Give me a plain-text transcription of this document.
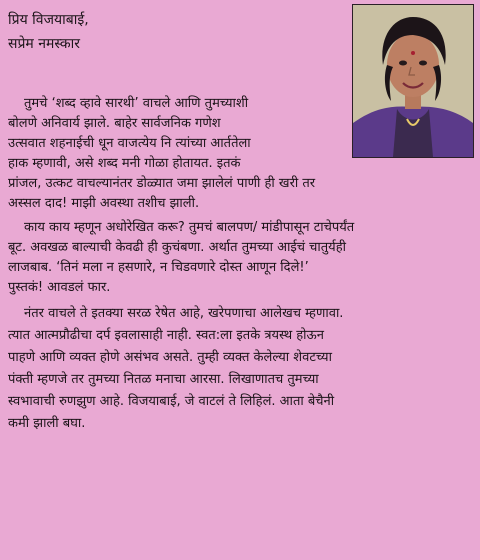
प्रिय विजयाबाई,
सप्रेम नमस्कार
तुमचे ‘शब्द व्हावे सारथी’ वाचले आणि तुमच्याशी
बोलणे अनिवार्य झाले. बाहेर सार्वजनिक गणेश
उत्सवात शहनाईची धून वाजत्येय नि त्यांच्या आर्ततेला
हाक म्हणावी, असे शब्द मनी गोळा होतायत. इतकं
प्रांजल, उत्कट वाचल्यानंतर डोळ्यात जमा झालेलं पाणी ही खरी तर
अस्सल दाद! माझी अवस्था तशीच झाली.
काय काय म्हणून अधोरेखित करू? तुमचं बालपण/ मांडीपासून टाचेपर्यंत
बूट. अवखळ बाल्याची केवढी ही कुचंबणा. अर्थात तुमच्या आईचं चातुर्यही
लाजबाब. ‘तिनं मला न हसणारे, न चिडवणारे दोस्त आणून दिले!’
पुस्तकं! आवडलं फार.
नंतर वाचले ते इतक्या सरळ रेषेत आहे, खरेपणाचा आलेखच म्हणावा.
त्यात आत्मप्रौढीचा दर्प इवलासाही नाही. स्वत:ला इतके त्रयस्थ होऊन
पाहणे आणि व्यक्त होणे असंभव असते. तुम्ही व्यक्त केलेल्या शेवटच्या
पंक्ती म्हणजे तर तुमच्या नितळ मनाचा आरसा. लिखाणातच तुमच्या
स्वभावाची रुणझुण आहे. विजयाबाई, जे वाटलं ते लिहिलं. आता बेचैनी
कमी झाली बघा.
